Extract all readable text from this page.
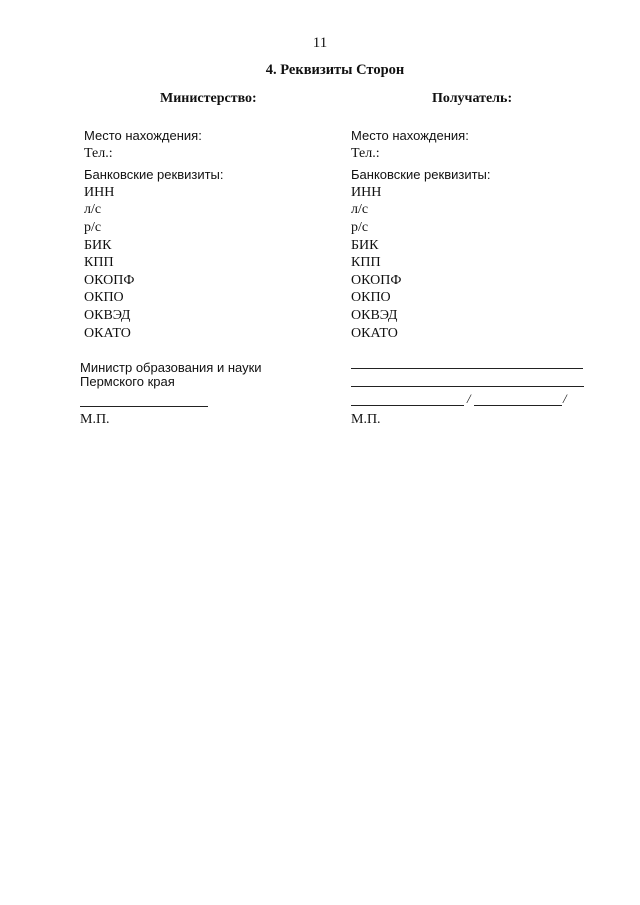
11
4. Реквизиты Сторон
Министерство:	Получатель:
Место нахождения:
Тел.:
Банковские реквизиты:
ИНН
л/с
р/с
БИК
КПП
ОКОПФ
ОКПО
ОКВЭД
ОКАТО
Место нахождения:
Тел.:
Банковские реквизиты:
ИНН
л/с
р/с
БИК
КПП
ОКОПФ
ОКПО
ОКВЭД
ОКАТО
Министр образования и науки
Пермского края
М.П.
/	/
М.П.
